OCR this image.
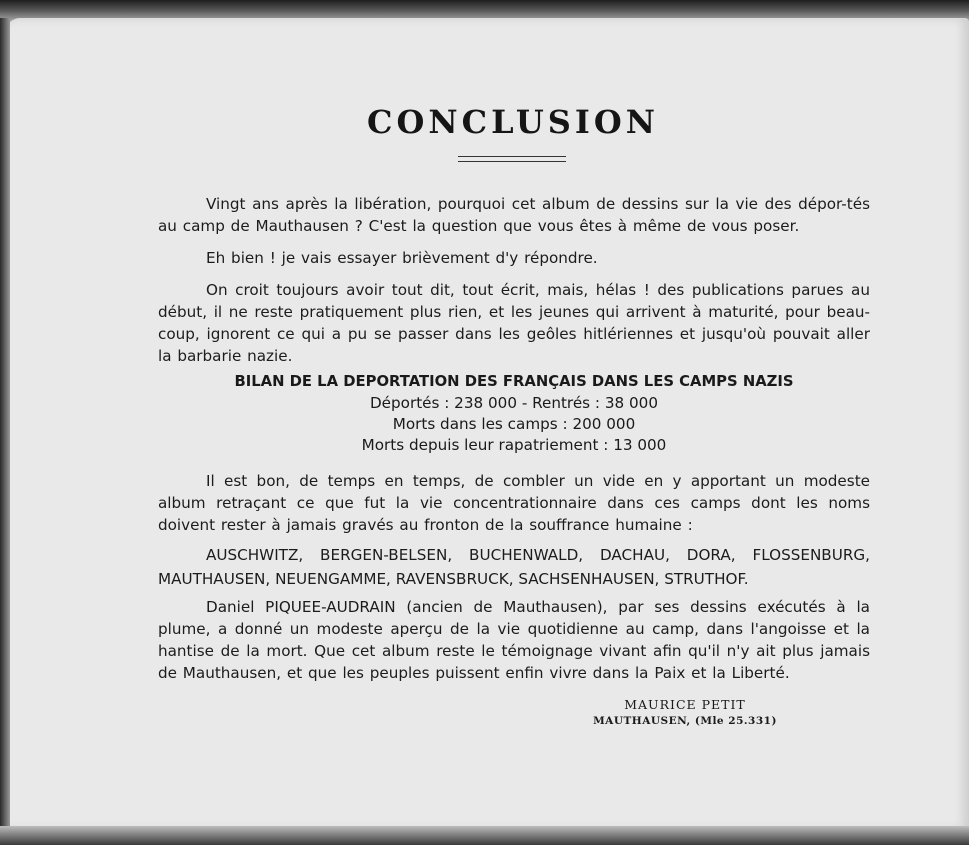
CONCLUSION

Vingt ans après la libération, pourquoi cet album de dessins sur la vie des dépor-tés au camp de Mauthausen ? C'est la question que vous êtes à même de vous poser.

Eh bien ! je vais essayer brièvement d'y répondre.

On croit toujours avoir tout dit, tout écrit, mais, hélas ! des publications parues au début, il ne reste pratiquement plus rien, et les jeunes qui arrivent à maturité, pour beau-coup, ignorent ce qui a pu se passer dans les geôles hitlériennes et jusqu'où pouvait aller la barbarie nazie.

BILAN DE LA DEPORTATION DES FRANÇAIS DANS LES CAMPS NAZIS

Déportés : 238 000 - Rentrés : 38 000

Morts dans les camps : 200 000

Morts depuis leur rapatriement : 13 000

Il est bon, de temps en temps, de combler un vide en y apportant un modeste album retraçant ce que fut la vie concentrationnaire dans ces camps dont les noms doivent rester à jamais gravés au fronton de la souffrance humaine :

AUSCHWITZ, BERGEN-BELSEN, BUCHENWALD, DACHAU, DORA, FLOSSENBURG, MAUTHAUSEN, NEUENGAMME, RAVENSBRUCK, SACHSENHAUSEN, STRUTHOF.

Daniel PIQUEE-AUDRAIN (ancien de Mauthausen), par ses dessins exécutés à la plume, a donné un modeste aperçu de la vie quotidienne au camp, dans l'angoisse et la hantise de la mort. Que cet album reste le témoignage vivant afin qu'il n'y ait plus jamais de Mauthausen, et que les peuples puissent enfin vivre dans la Paix et la Liberté.

MAURICE PETIT

MAUTHAUSEN, (Mle 25.331)
